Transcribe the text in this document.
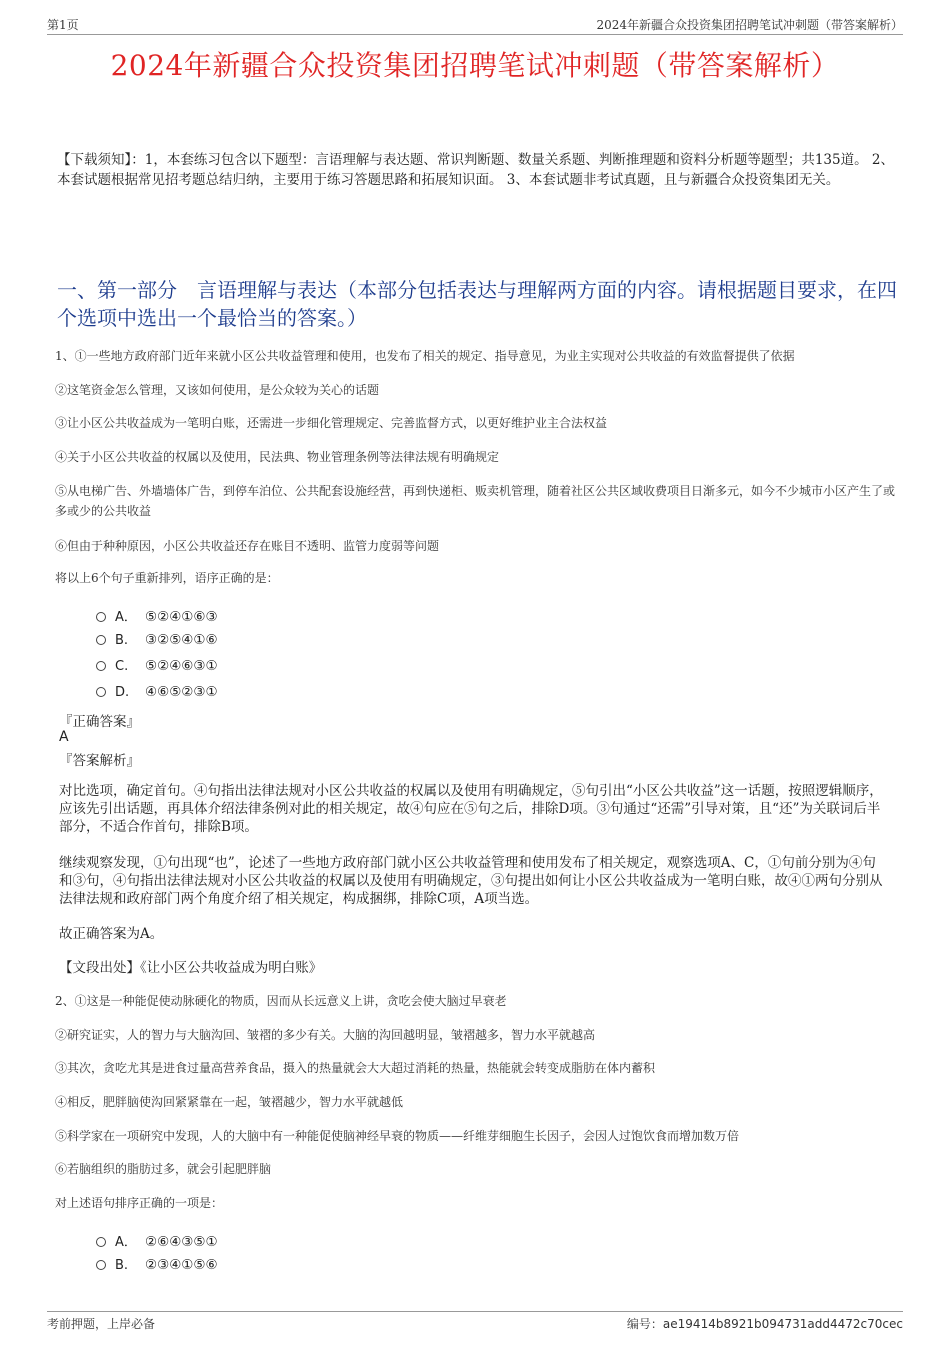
第1页	2024年新疆合众投资集团招聘笔试冲刺题（带答案解析）
2024年新疆合众投资集团招聘笔试冲刺题（带答案解析）
【下载须知】：1，本套练习包含以下题型：言语理解与表达题、常识判断题、数量关系题、判断推理题和资料分析题等题型；共135道。 2、本套试题根据常见招考题总结归纳，主要用于练习答题思路和拓展知识面。 3、本套试题非考试真题，且与新疆合众投资集团无关。
一、第一部分　言语理解与表达（本部分包括表达与理解两方面的内容。请根据题目要求，在四个选项中选出一个最恰当的答案。）
1、①一些地方政府部门近年来就小区公共收益管理和使用，也发布了相关的规定、指导意见，为业主实现对公共收益的有效监督提供了依据
②这笔资金怎么管理，又该如何使用，是公众较为关心的话题
③让小区公共收益成为一笔明白账，还需进一步细化管理规定、完善监督方式，以更好维护业主合法权益
④关于小区公共收益的权属以及使用，民法典、物业管理条例等法律法规有明确规定
⑤从电梯广告、外墙墙体广告，到停车泊位、公共配套设施经营，再到快递柜、贩卖机管理，随着社区公共区域收费项目日渐多元，如今不少城市小区产生了或多或少的公共收益
⑥但由于种种原因，小区公共收益还存在账目不透明、监管力度弱等问题
将以上6个句子重新排列，语序正确的是：
A． ⑤②④①⑥③
B. ③②⑤④①⑥
C. ⑤②④⑥③①
D. ④⑥⑤②③①
『正确答案』
A
『答案解析』
对比选项，确定首句。④句指出法律法规对小区公共收益的权属以及使用有明确规定，⑤句引出“小区公共收益”这一话题，按照逻辑顺序，应该先引出话题，再具体介绍法律条例对此的相关规定，故④句应在⑤句之后，排除D项。③句通过“还需”引导对策，且“还”为关联词后半部分，不适合作首句，排除B项。
继续观察发现，①句出现“也”，论述了一些地方政府部门就小区公共收益管理和使用发布了相关规定，观察选项A、C，①句前分别为④句和③句，④句指出法律法规对小区公共收益的权属以及使用有明确规定，③句提出如何让小区公共收益成为一笔明白账，故④①两句分别从法律法规和政府部门两个角度介绍了相关规定，构成捆绑，排除C项，A项当选。
故正确答案为A。
【文段出处】《让小区公共收益成为明白账》
2、①这是一种能促使动脉硬化的物质，因而从长远意义上讲，贪吃会使大脑过早衰老
②研究证实，人的智力与大脑沟回、皱褶的多少有关。大脑的沟回越明显，皱褶越多，智力水平就越高
③其次，贪吃尤其是进食过量高营养食品，摄入的热量就会大大超过消耗的热量，热能就会转变成脂肪在体内蓄积
④相反，肥胖脑使沟回紧紧靠在一起，皱褶越少，智力水平就越低
⑤科学家在一项研究中发现，人的大脑中有一种能促使脑神经早衰的物质——纤维芽细胞生长因子，会因人过饱饮食而增加数万倍
⑥若脑组织的脂肪过多，就会引起肥胖脑
对上述语句排序正确的一项是：
A． ②⑥④③⑤①
B. ②③④①⑤⑥
考前押题，上岸必备	编号：ae19414b8921b094731add4472c70cec
